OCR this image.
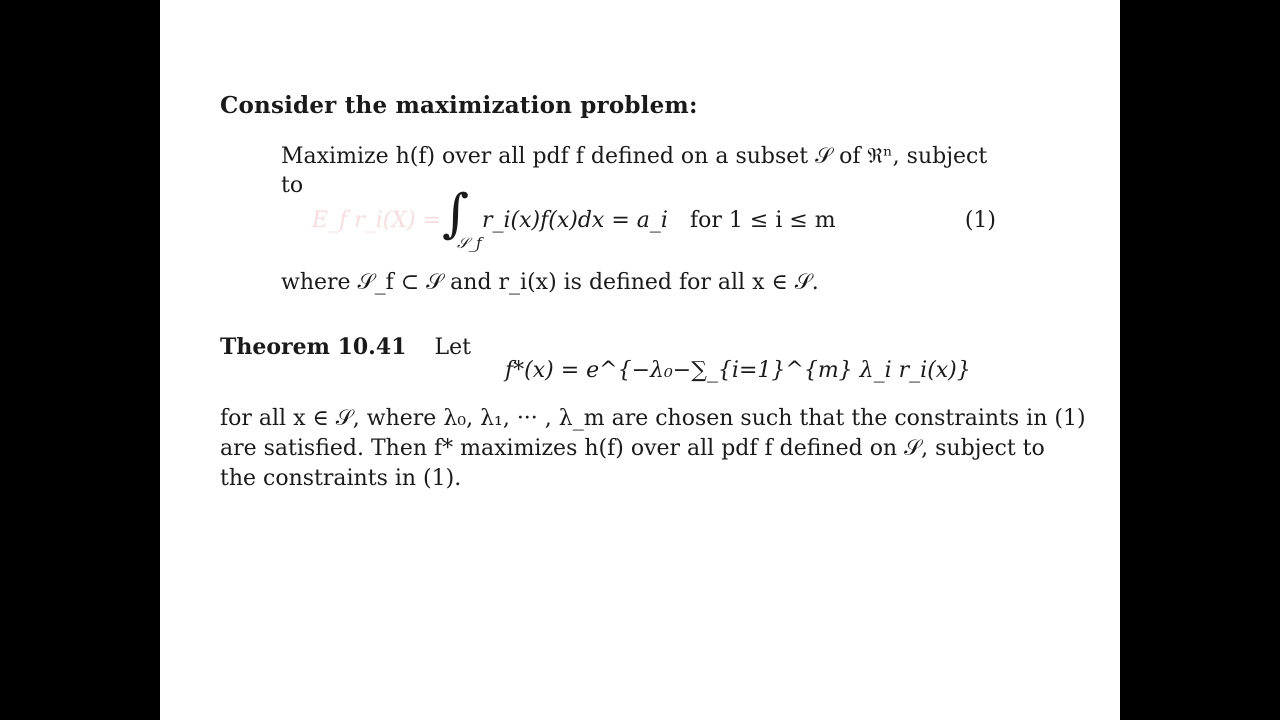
Consider the maximization problem:
Maximize h(f) over all pdf f defined on a subset 𝒮 of ℜⁿ, subject
to
E_f r_i(X) = ∫
𝒮_f
r_i(x)f(x)dx = a_i for 1 ≤ i ≤ m	(1)
where 𝒮_f ⊂ 𝒮 and r_i(x) is defined for all x ∈ 𝒮.
Theorem 10.41 Let
f*(x) = e^{−λ₀−∑_{i=1}^{m} λ_i r_i(x)}
for all x ∈ 𝒮, where λ₀, λ₁, ··· , λ_m are chosen such that the constraints in (1)
are satisfied. Then f* maximizes h(f) over all pdf f defined on 𝒮, subject to
the constraints in (1).
